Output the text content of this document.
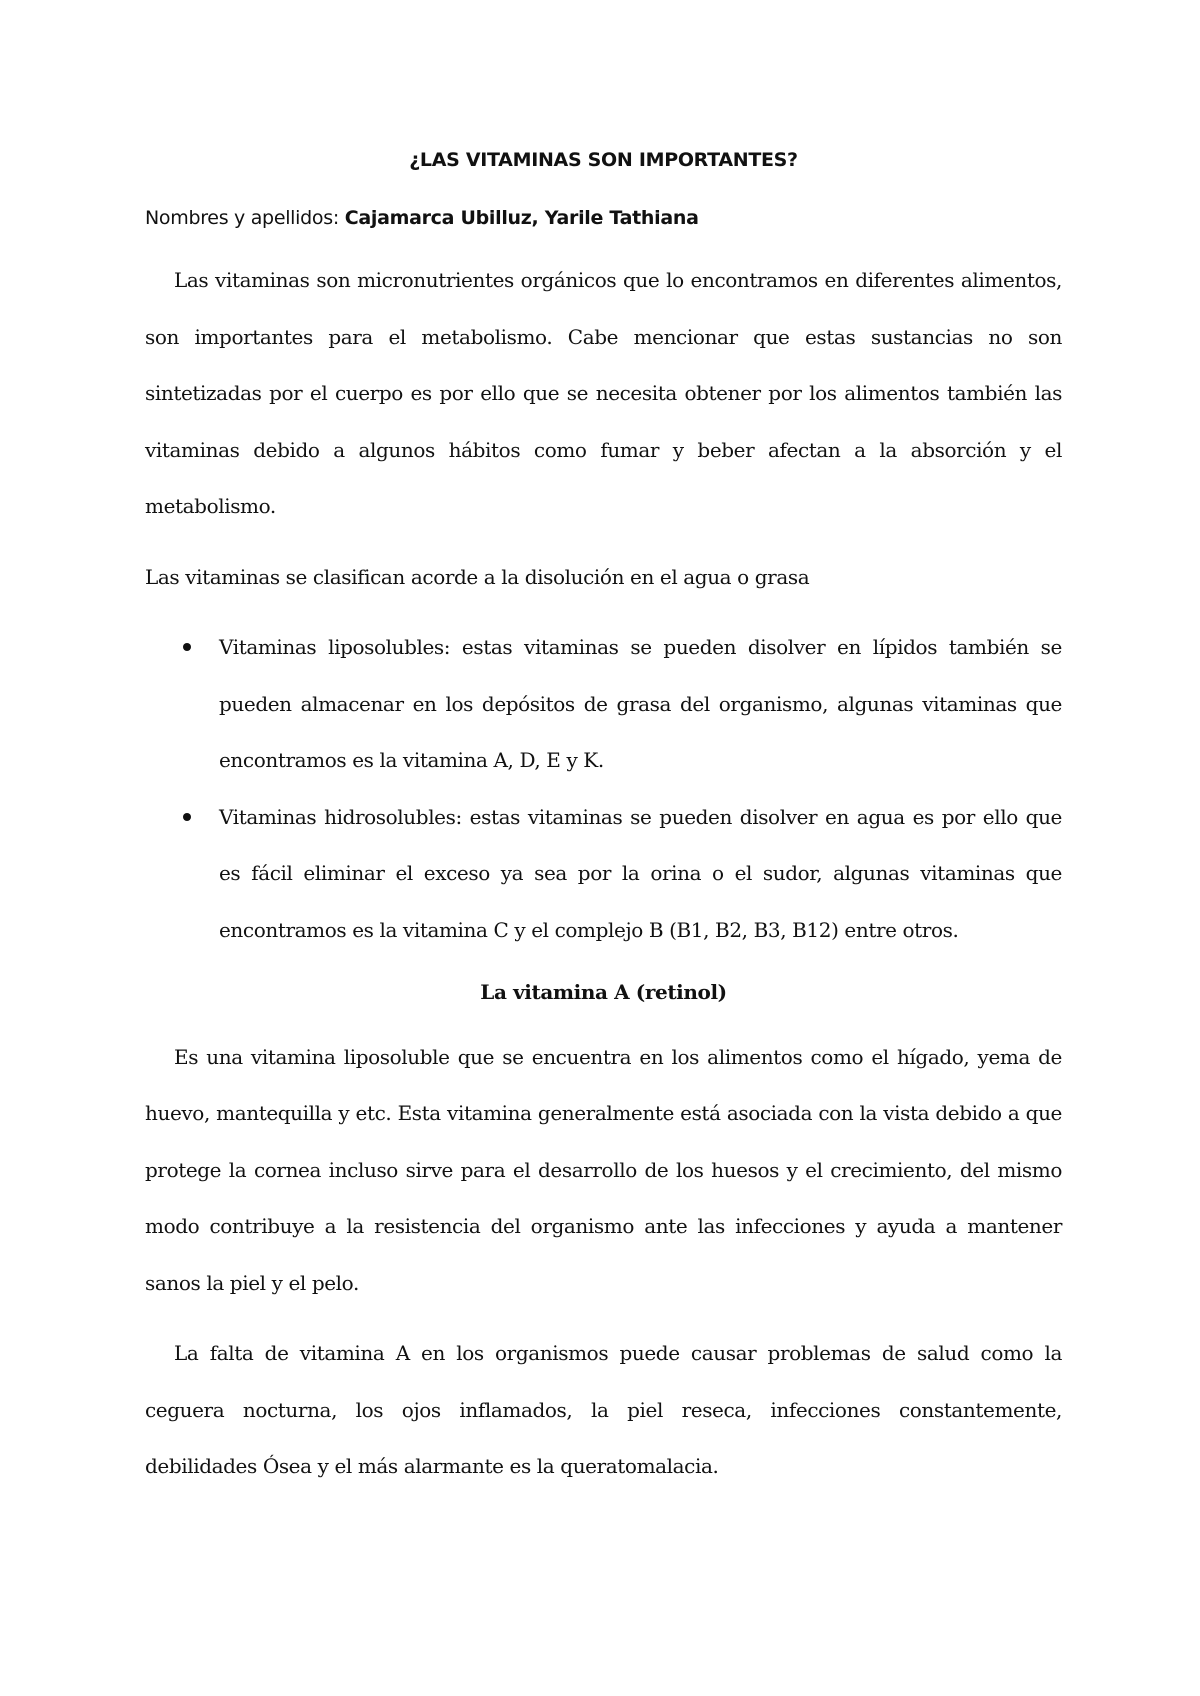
¿LAS VITAMINAS SON IMPORTANTES?

Nombres y apellidos: Cajamarca Ubilluz, Yarile Tathiana

Las vitaminas son micronutrientes orgánicos que lo encontramos en diferentes alimentos, son importantes para el metabolismo. Cabe mencionar que estas sustancias no son sintetizadas por el cuerpo es por ello que se necesita obtener por los alimentos también las vitaminas debido a algunos hábitos como fumar y beber afectan a la absorción y el metabolismo.

Las vitaminas se clasifican acorde a la disolución en el agua o grasa

Vitaminas liposolubles: estas vitaminas se pueden disolver en lípidos también se pueden almacenar en los depósitos de grasa del organismo, algunas vitaminas que encontramos es la vitamina A, D, E y K.
Vitaminas hidrosolubles: estas vitaminas se pueden disolver en agua es por ello que es fácil eliminar el exceso ya sea por la orina o el sudor, algunas vitaminas que encontramos es la vitamina C y el complejo B (B1, B2, B3, B12) entre otros.

La vitamina A (retinol)

Es una vitamina liposoluble que se encuentra en los alimentos como el hígado, yema de huevo, mantequilla y etc. Esta vitamina generalmente está asociada con la vista debido a que protege la cornea incluso sirve para el desarrollo de los huesos y el crecimiento, del mismo modo contribuye a la resistencia del organismo ante las infecciones y ayuda a mantener sanos la piel y el pelo.

La falta de vitamina A en los organismos puede causar problemas de salud como la ceguera nocturna, los ojos inflamados, la piel reseca, infecciones constantemente, debilidades Ósea y el más alarmante es la queratomalacia.
